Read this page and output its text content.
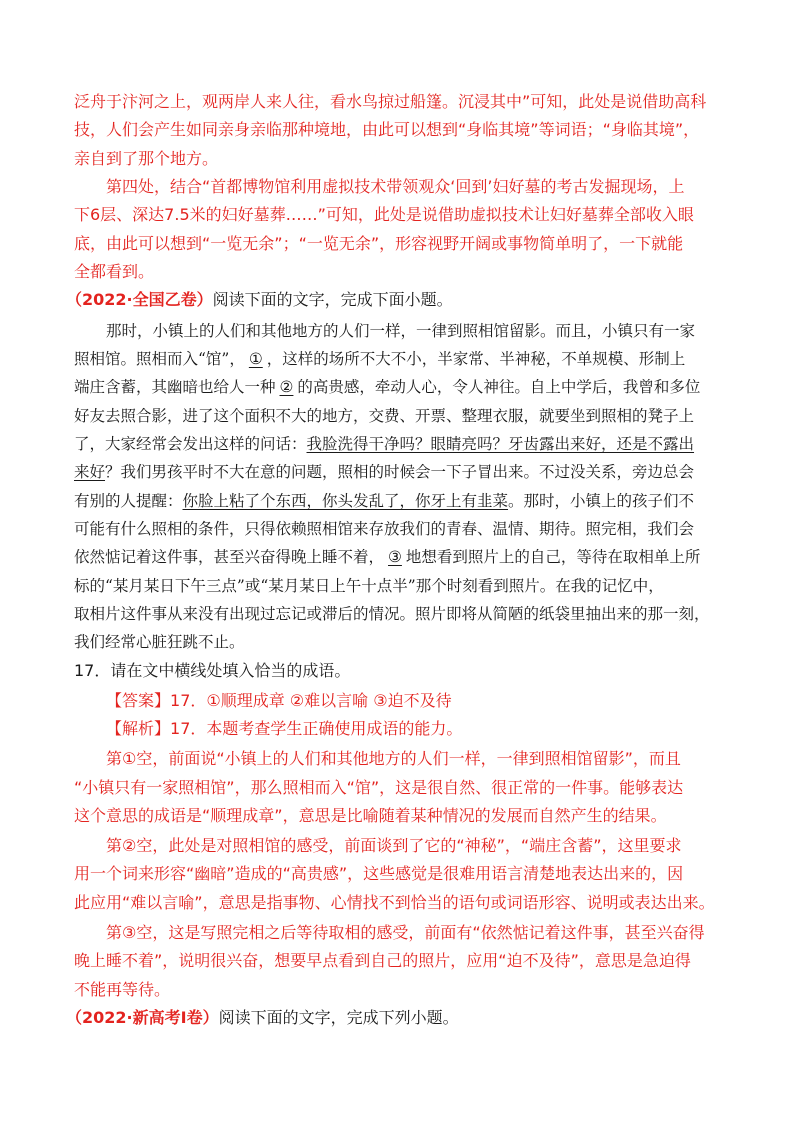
泛舟于汴河之上，观两岸人来人往，看水鸟掠过船篷。沉浸其中”可知，此处是说借助高科

技，人们会产生如同亲身亲临那种境地，由此可以想到“身临其境”等词语；“身临其境”，

亲自到了那个地方。

第四处，结合“首都博物馆利用虚拟技术带领观众‘回到’妇好墓的考古发掘现场，上

下6层、深达7.5米的妇好墓葬……”可知，此处是说借助虚拟技术让妇好墓葬全部收入眼

底，由此可以想到“一览无余”；“一览无余”，形容视野开阔或事物简单明了，一下就能

全都看到。

（2022·全国乙卷）阅读下面的文字，完成下面小题。

那时，小镇上的人们和其他地方的人们一样，一律到照相馆留影。而且，小镇只有一家

照相馆。照相而入“馆”， ① ，这样的场所不大不小，半家常、半神秘，不单规模、形制上

端庄含蓄，其幽暗也给人一种 ② 的高贵感，牵动人心，令人神往。自上中学后，我曾和多位

好友去照合影，进了这个面积不大的地方，交费、开票、整理衣服，就要坐到照相的凳子上

了，大家经常会发出这样的问话：我脸洗得干净吗？眼睛亮吗？牙齿露出来好，还是不露出

来好？我们男孩平时不大在意的问题，照相的时候会一下子冒出来。不过没关系，旁边总会

有别的人提醒：你脸上粘了个东西，你头发乱了，你牙上有韭菜。那时，小镇上的孩子们不

可能有什么照相的条件，只得依赖照相馆来存放我们的青春、温情、期待。照完相，我们会

依然惦记着这件事，甚至兴奋得晚上睡不着， ③ 地想看到照片上的自己，等待在取相单上所

标的“某月某日下午三点”或“某月某日上午十点半”那个时刻看到照片。在我的记忆中，

取相片这件事从来没有出现过忘记或滞后的情况。照片即将从简陋的纸袋里抽出来的那一刻，

我们经常心脏狂跳不止。

17．请在文中横线处填入恰当的成语。

【答案】17．①顺理成章 ②难以言喻 ③迫不及待

【解析】17．本题考查学生正确使用成语的能力。

第①空，前面说“小镇上的人们和其他地方的人们一样，一律到照相馆留影”，而且

“小镇只有一家照相馆”，那么照相而入“馆”，这是很自然、很正常的一件事。能够表达

这个意思的成语是“顺理成章”，意思是比喻随着某种情况的发展而自然产生的结果。

第②空，此处是对照相馆的感受，前面谈到了它的“神秘”，“端庄含蓄”，这里要求

用一个词来形容“幽暗”造成的“高贵感”，这些感觉是很难用语言清楚地表达出来的，因

此应用“难以言喻”，意思是指事物、心情找不到恰当的语句或词语形容、说明或表达出来。

第③空，这是写照完相之后等待取相的感受，前面有“依然惦记着这件事，甚至兴奋得

晚上睡不着”，说明很兴奋，想要早点看到自己的照片，应用“迫不及待”，意思是急迫得

不能再等待。

（2022·新高考Ⅰ卷）阅读下面的文字，完成下列小题。
